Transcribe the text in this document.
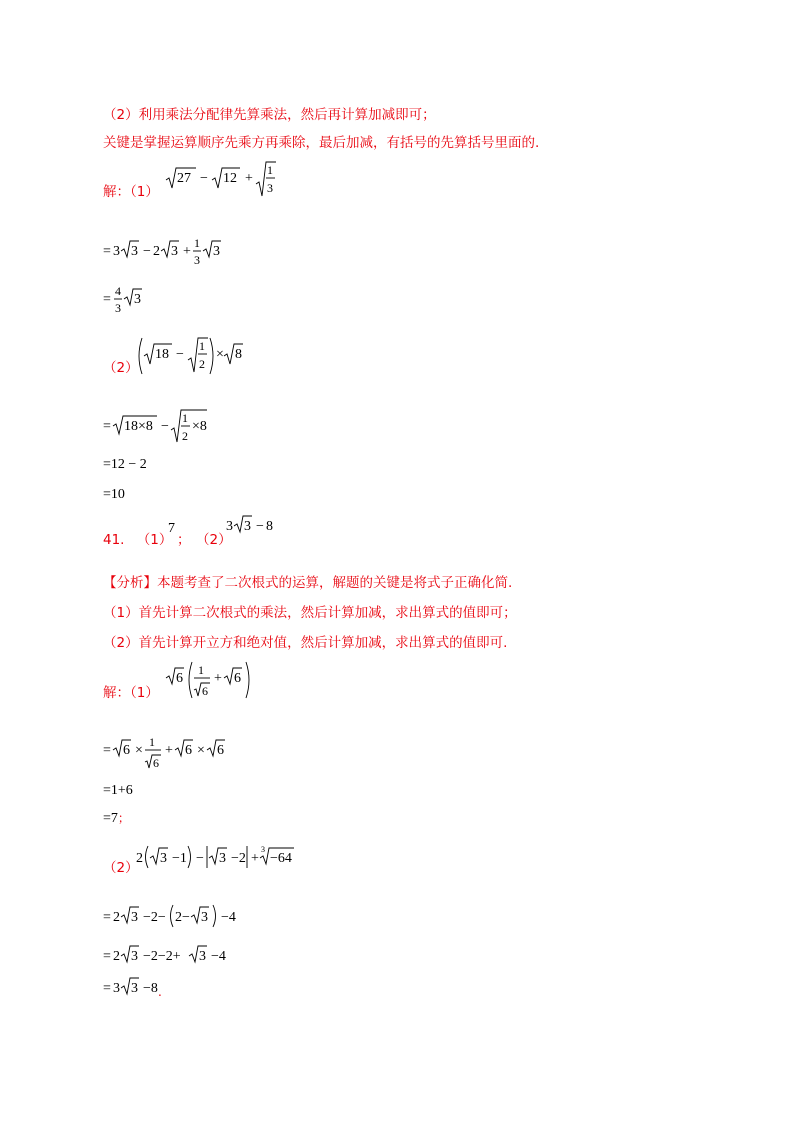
（2）利用乘法分配律先算乘法，然后再计算加减即可；
关键是掌握运算顺序先乘方再乘除，最后加减，有括号的先算括号里面的.
解：（1）
27 − 12 +
1
3
= 3 3 − 2 3 +
1
3
3
=
4
3
3
（2）
18 −
1
2
× 8
= 18×8 −
1
2
×8
=12 − 2
=10
41. （1）
7
； （2）
3 3 − 8
【分析】本题考查了二次根式的运算，解题的关键是将式子正确化简.
（1）首先计算二次根式的乘法，然后计算加减，求出算式的值即可；
（2）首先计算开立方和绝对值，然后计算加减，求出算式的值即可.
解：（1）
6
1
6
+ 6
= 6 ×
1
6
+ 6 × 6
=1+6
=7；
（2）
2 3 −1 − 3 −2 +
3
−64
= 2 3 −2− 2− 3 −4
= 2 3 −2−2+ 3 −4
= 3 3 −8 .
